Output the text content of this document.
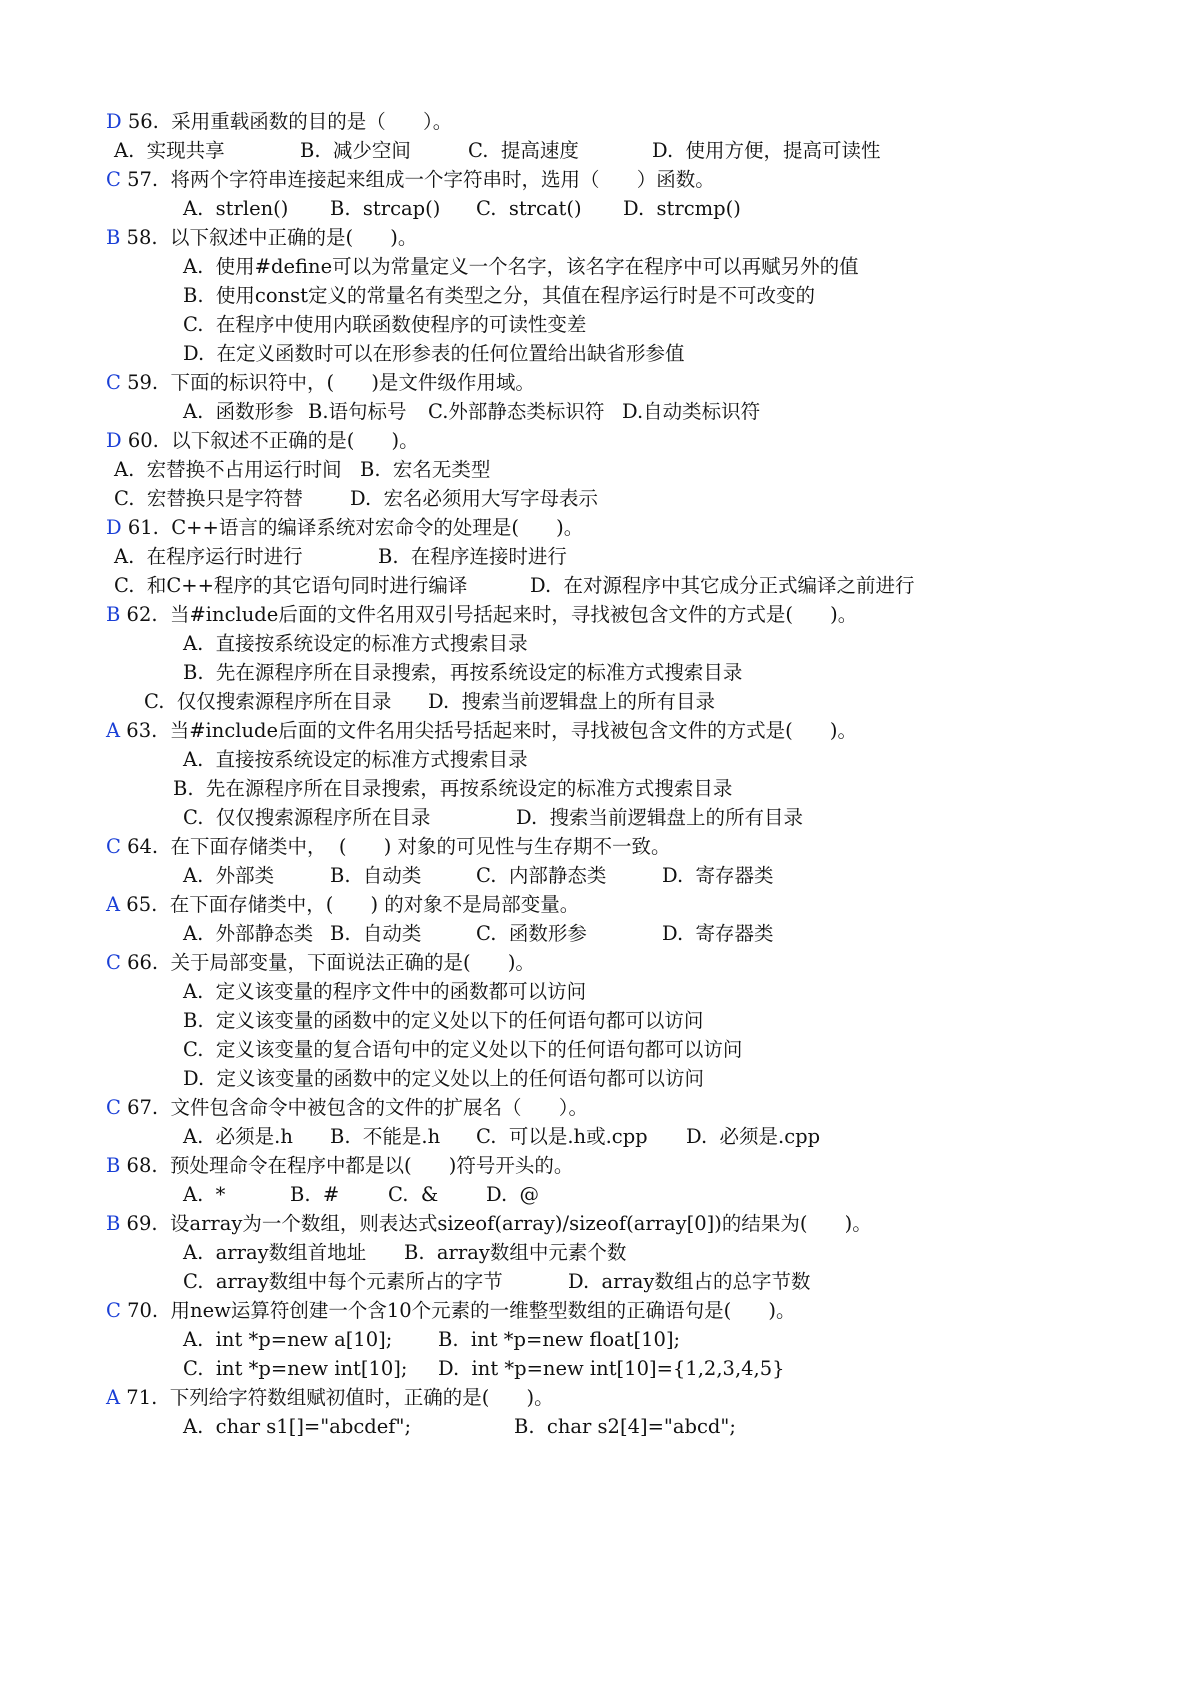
D 56.  采用重载函数的目的是（      ）。
A.  实现共享	B.  减少空间	C.  提高速度	D.  使用方便，提高可读性
C 57.  将两个字符串连接起来组成一个字符串时，选用（      ）函数。
A.  strlen() B.  strcap() C.  strcat() D.  strcmp()
B 58.  以下叙述中正确的是(      )。
A.  使用#define可以为常量定义一个名字，该名字在程序中可以再赋另外的值
B.  使用const定义的常量名有类型之分，其值在程序运行时是不可改变的
C.  在程序中使用内联函数使程序的可读性变差
D.  在定义函数时可以在形参表的任何位置给出缺省形参值
C 59.  下面的标识符中，(      )是文件级作用域。
A.  函数形参 B.语句标号 C.外部静态类标识符 D.自动类标识符
D 60.  以下叙述不正确的是(      )。
A.  宏替换不占用运行时间 B.  宏名无类型
C.  宏替换只是字符替 D.  宏名必须用大写字母表示
D 61.  C++语言的编译系统对宏命令的处理是(      )。
A.  在程序运行时进行	B.  在程序连接时进行
C.  和C++程序的其它语句同时进行编译	D.  在对源程序中其它成分正式编译之前进行
B 62.  当#include后面的文件名用双引号括起来时，寻找被包含文件的方式是(      )。
A.  直接按系统设定的标准方式搜索目录
B.  先在源程序所在目录搜索，再按系统设定的标准方式搜索目录
C.  仅仅搜索源程序所在目录 D.  搜索当前逻辑盘上的所有目录
A 63.  当#include后面的文件名用尖括号括起来时，寻找被包含文件的方式是(      )。
A.  直接按系统设定的标准方式搜索目录
B.  先在源程序所在目录搜索，再按系统设定的标准方式搜索目录
C.  仅仅搜索源程序所在目录	D.  搜索当前逻辑盘上的所有目录
C 64.  在下面存储类中，  (      ) 对象的可见性与生存期不一致。
A.  外部类	B.  自动类	C.  内部静态类	D.  寄存器类
A 65.  在下面存储类中，(      ) 的对象不是局部变量。
A.  外部静态类 B.  自动类	C.  函数形参	D.  寄存器类
C 66.  关于局部变量，下面说法正确的是(      )。
A.  定义该变量的程序文件中的函数都可以访问
B.  定义该变量的函数中的定义处以下的任何语句都可以访问
C.  定义该变量的复合语句中的定义处以下的任何语句都可以访问
D.  定义该变量的函数中的定义处以上的任何语句都可以访问
C 67.  文件包含命令中被包含的文件的扩展名（      ）。
A.  必须是.h B.  不能是.h C.  可以是.h或.cpp D.  必须是.cpp
B 68.  预处理命令在程序中都是以(      )符号开头的。
A.  *	B.  # C.  & D.  @
B 69.  设array为一个数组，则表达式sizeof(array)/sizeof(array[0])的结果为(      )。
A.  array数组首地址 B.  array数组中元素个数
C.  array数组中每个元素所占的字节	D.  array数组占的总字节数
C 70.  用new运算符创建一个含10个元素的一维整型数组的正确语句是(      )。
A.  int *p=new a[10]; B.  int *p=new float[10];
C.  int *p=new int[10]; D.  int *p=new int[10]={1,2,3,4,5}
A 71.  下列给字符数组赋初值时，正确的是(      )。
A.  char s1[]="abcdef";	B.  char s2[4]="abcd";
